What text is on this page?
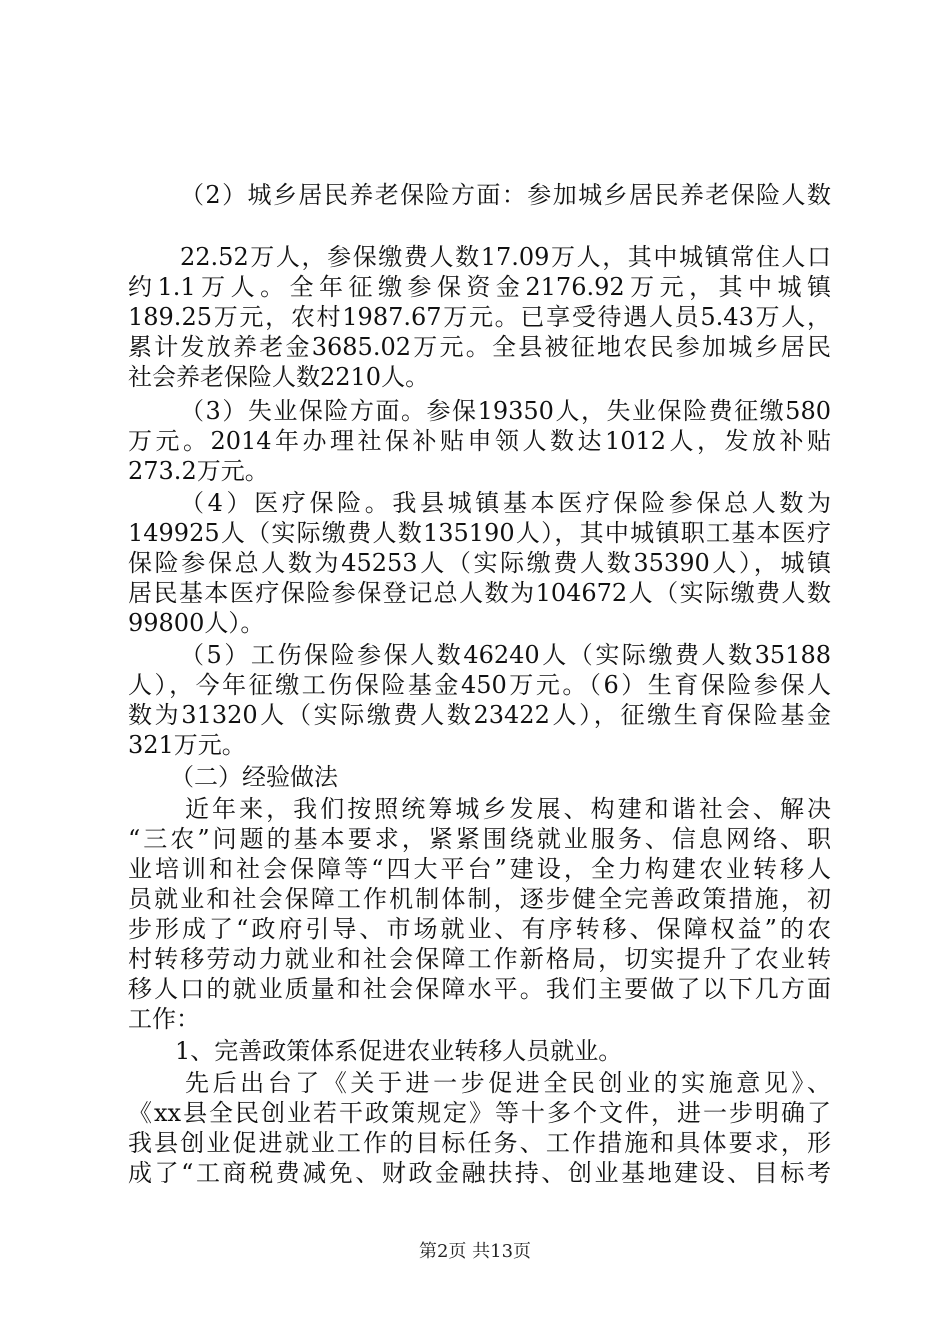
（2）城乡居民养老保险方面：参加城乡居民养老保险人数
22.52万人，参保缴费人数17.09万人，其中城镇常住人口
约1.1万人。全年征缴参保资金2176.92万元，其中城镇
189.25万元，农村1987.67万元。已享受待遇人员5.43万人，
累计发放养老金3685.02万元。全县被征地农民参加城乡居民
社会养老保险人数2210人。
（3）失业保险方面。参保19350人，失业保险费征缴580
万元。2014年办理社保补贴申领人数达1012人，发放补贴
273.2万元。
（4）医疗保险。我县城镇基本医疗保险参保总人数为
149925人（实际缴费人数135190人），其中城镇职工基本医疗
保险参保总人数为45253人（实际缴费人数35390人），城镇
居民基本医疗保险参保登记总人数为104672人（实际缴费人数
99800人）。
（5）工伤保险参保人数46240人（实际缴费人数35188
人），今年征缴工伤保险基金450万元。（6）生育保险参保人
数为31320人（实际缴费人数23422人），征缴生育保险基金
321万元。
（二）经验做法
近年来，我们按照统筹城乡发展、构建和谐社会、解决
“三农”问题的基本要求，紧紧围绕就业服务、信息网络、职
业培训和社会保障等“四大平台”建设，全力构建农业转移人
员就业和社会保障工作机制体制，逐步健全完善政策措施，初
步形成了“政府引导、市场就业、有序转移、保障权益”的农
村转移劳动力就业和社会保障工作新格局，切实提升了农业转
移人口的就业质量和社会保障水平。我们主要做了以下几方面
工作：
1、完善政策体系促进农业转移人员就业。
先后出台了《关于进一步促进全民创业的实施意见》、
《xx县全民创业若干政策规定》等十多个文件，进一步明确了
我县创业促进就业工作的目标任务、工作措施和具体要求，形
成了“工商税费减免、财政金融扶持、创业基地建设、目标考
第2页 共13页
